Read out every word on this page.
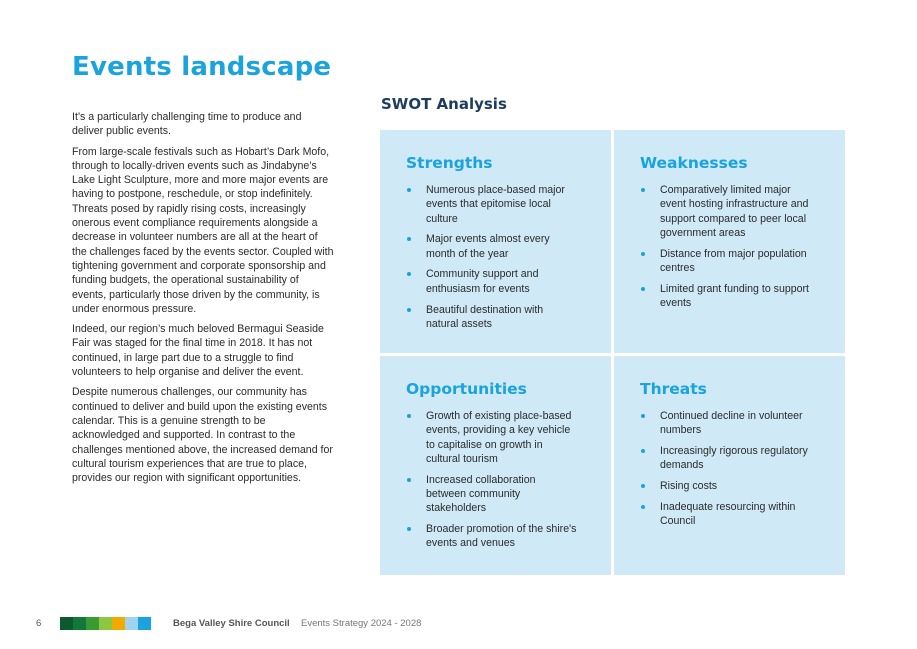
Events landscape

It’s a particularly challenging time to produce and deliver public events.

From large-scale festivals such as Hobart’s Dark Mofo, through to locally-driven events such as Jindabyne’s Lake Light Sculpture, more and more major events are having to postpone, reschedule, or stop indefinitely. Threats posed by rapidly rising costs, increasingly onerous event compliance requirements alongside a decrease in volunteer numbers are all at the heart of the challenges faced by the events sector. Coupled with tightening government and corporate sponsorship and funding budgets, the operational sustainability of events, particularly those driven by the community, is under enormous pressure.

Indeed, our region’s much beloved Bermagui Seaside Fair was staged for the final time in 2018. It has not continued, in large part due to a struggle to find volunteers to help organise and deliver the event.

Despite numerous challenges, our community has continued to deliver and build upon the existing events calendar. This is a genuine strength to be acknowledged and supported. In contrast to the challenges mentioned above, the increased demand for cultural tourism experiences that are true to place, provides our region with significant opportunities.

SWOT Analysis
Strengths
Numerous place-based major events that epitomise local culture
Major events almost every month of the year
Community support and enthusiasm for events
Beautiful destination with natural assets
Weaknesses
Comparatively limited major event hosting infrastructure and support compared to peer local government areas
Distance from major population centres
Limited grant funding to support events
Opportunities
Growth of existing place-based events, providing a key vehicle to capitalise on growth in cultural tourism
Increased collaboration between community stakeholders
Broader promotion of the shire's events and venues
Threats
Continued decline in volunteer numbers
Increasingly rigorous regulatory demands
Rising costs
Inadequate resourcing within Council
6	Bega Valley Shire Council Events Strategy 2024 - 2028
